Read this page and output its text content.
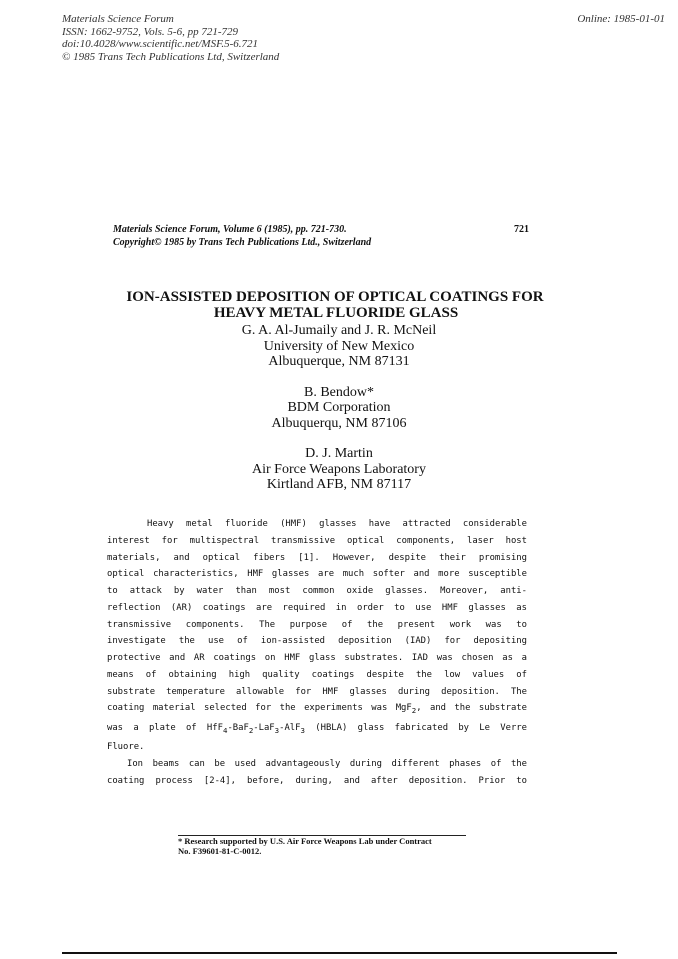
Materials Science Forum
ISSN: 1662-9752, Vols. 5-6, pp 721-729
doi:10.4028/www.scientific.net/MSF.5-6.721
© 1985 Trans Tech Publications Ltd, Switzerland
Online: 1985-01-01
Materials Science Forum, Volume 6 (1985), pp. 721-730.
Copyright© 1985 by Trans Tech Publications Ltd., Switzerland
721
ION-ASSISTED DEPOSITION OF OPTICAL COATINGS FOR
HEAVY METAL FLUORIDE GLASS
G. A. Al-Jumaily and J. R. McNeil
University of New Mexico
Albuquerque, NM 87131
B. Bendow*
BDM Corporation
Albuquerqu, NM 87106
D. J. Martin
Air Force Weapons Laboratory
Kirtland AFB, NM 87117

Heavy metal fluoride (HMF) glasses have attracted considerable

interest for multispectral transmissive optical components, laser host

materials, and optical fibers [1]. However, despite their promising

optical characteristics, HMF glasses are much softer and more susceptible

to attack by water than most common oxide glasses. Moreover, anti-

reflection (AR) coatings are required in order to use HMF glasses as

transmissive components. The purpose of the present work was to

investigate the use of ion-assisted deposition (IAD) for depositing

protective and AR coatings on HMF glass substrates. IAD was chosen as a

means of obtaining high quality coatings despite the low values of

substrate temperature allowable for HMF glasses during deposition. The

coating material selected for the experiments was MgF$_2$, and the substrate

was a plate of HfF$_4$-BaF$_2$-LaF$_3$-AlF$_3$ (HBLA) glass fabricated by Le Verre

Fluore.

Ion beams can be used advantageously during different phases of the

coating process [2-4], before, during, and after deposition. Prior to

* Research supported by U.S. Air Force Weapons Lab under Contract
No. F39601-81-C-0012.
